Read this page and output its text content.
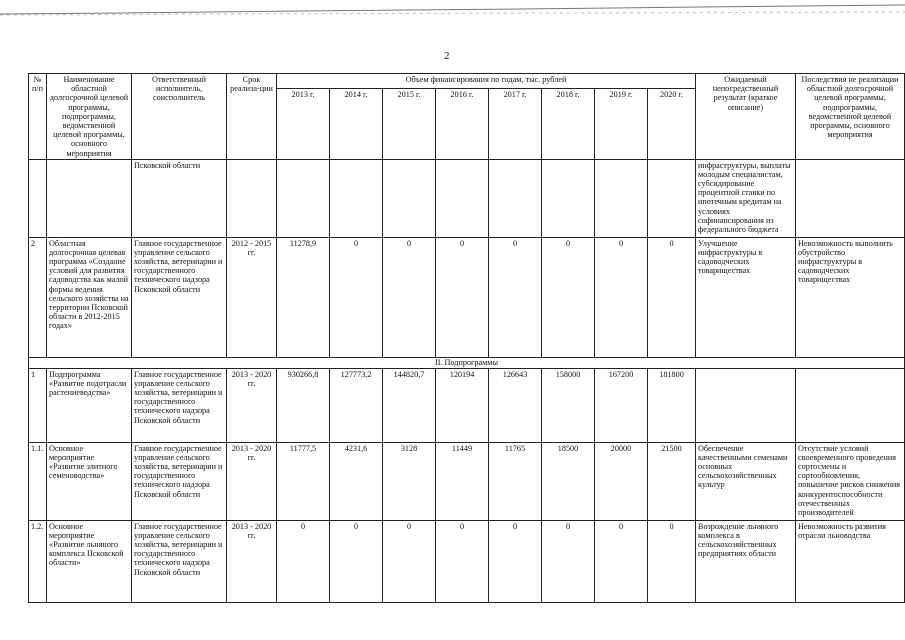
2
№ п/п	Наименование областной долгосрочной целевой программы, подпрограммы, ведомственной целевой программы, основного мероприятия	Ответственный исполнитель, соисполнитель	Срок реализа-ции	Объем финансирования по годам, тыс. рублей								Ожидаемый непосредственный результат (краткое описание)	Последствия не реализации областной долгосрочной целевой программы, подпрограммы, ведомственной целевой программы, основного мероприятия
				2013 г.	2014 г.	2015 г.	2016 г.	2017 г.	2018 г.	2019 г.	2020 г.		
		Псковской области										инфраструктуры, выплаты молодым специалистам, субсидирование процентной ставки по ипотечным кредитам на условиях софинансирования из федерального бюджета	
2	Областная долгосрочная целевая программа «Создание условий для развития садоводства как малой формы ведения сельского хозяйства на территории Псковской области в 2012-2015 годах»	Главное государственное управление сельского хозяйства, ветеринарии и государственного технического надзора Псковской области	2012 - 2015 гг.	11278,9	0	0	0	0	0	0	0	Улучшение инфраструктуры в садоводческих товариществах	Невозможность выполнить обустройство инфраструктуры в садоводческих товариществах
II. Подпрограммы													
1	Подпрограмма «Развитие подотрасли растениеводства»	Главное государственное управление сельского хозяйства, ветеринарии и государственного технического надзора Псковской области	2013 - 2020 гг.	930266,8	127773,2	144820,7	120194	126643	158000	167200	181800		
1.1.	Основное мероприятие «Развитие элитного семеноводства»	Главное государственное управление сельского хозяйства, ветеринарии и государственного технического надзора Псковской области	2013 - 2020 гг.	11777,5	4231,6	3128	11449	11765	18500	20000	21500	Обеспечение качественными семенами основных сельскохозяйственных культур	Отсутствие условий своевременного проведения сортосмены и сортообновления, повышение рисков снижения конкурентоспособности отечественных производителей
1.2.	Основное мероприятие «Развитие льняного комплекса Псковской области»	Главное государственное управление сельского хозяйства, ветеринарии и государственного технического надзора Псковской области	2013 - 2020 гг.	0	0	0	0	0	0	0	0	Возрождение льняного комплекса в сельскохозяйственных предприятиях области	Невозможность развития отрасли льноводства
